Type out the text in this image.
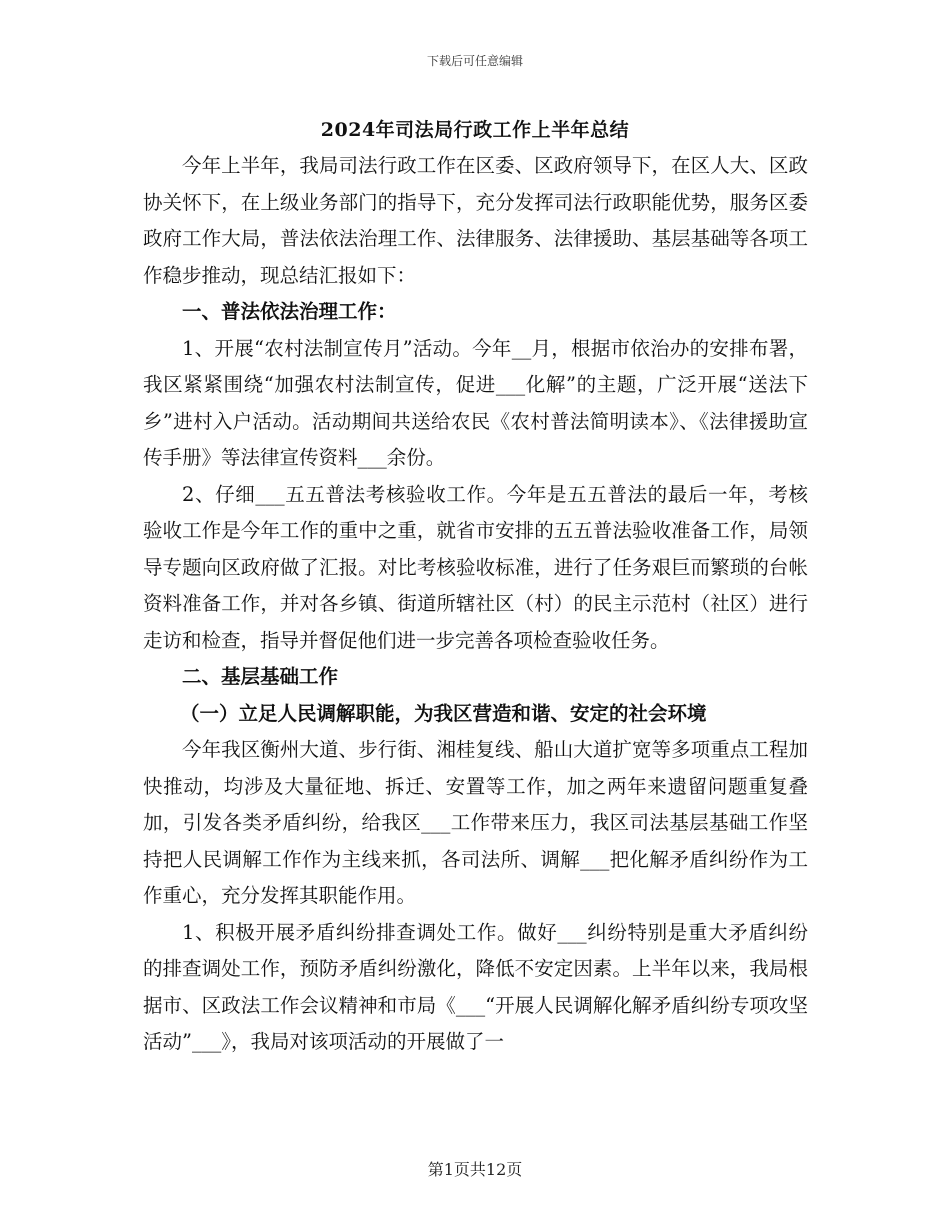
下载后可任意编辑
2024年司法局行政工作上半年总结

今年上半年，我局司法行政工作在区委、区政府领导下，在区人大、区政协关怀下，在上级业务部门的指导下，充分发挥司法行政职能优势，服务区委政府工作大局，普法依法治理工作、法律服务、法律援助、基层基础等各项工作稳步推动，现总结汇报如下：

一、普法依法治理工作：

1、开展“农村法制宣传月”活动。今年__月，根据市依治办的安排布署，我区紧紧围绕“加强农村法制宣传，促进___化解”的主题，广泛开展“送法下乡”进村入户活动。活动期间共送给农民《农村普法简明读本》、《法律援助宣传手册》等法律宣传资料___余份。

2、仔细___五五普法考核验收工作。今年是五五普法的最后一年，考核验收工作是今年工作的重中之重，就省市安排的五五普法验收准备工作，局领导专题向区政府做了汇报。对比考核验收标准，进行了任务艰巨而繁琐的台帐资料准备工作，并对各乡镇、街道所辖社区（村）的民主示范村（社区）进行走访和检查，指导并督促他们进一步完善各项检查验收任务。

二、基层基础工作

（一）立足人民调解职能，为我区营造和谐、安定的社会环境

今年我区衡州大道、步行街、湘桂复线、船山大道扩宽等多项重点工程加快推动，均涉及大量征地、拆迁、安置等工作，加之两年来遗留问题重复叠加，引发各类矛盾纠纷，给我区___工作带来压力，我区司法基层基础工作坚持把人民调解工作作为主线来抓，各司法所、调解___把化解矛盾纠纷作为工作重心，充分发挥其职能作用。

1、积极开展矛盾纠纷排查调处工作。做好___纠纷特别是重大矛盾纠纷的排查调处工作，预防矛盾纠纷激化，降低不安定因素。上半年以来，我局根据市、区政法工作会议精神和市局《___“开展人民调解化解矛盾纠纷专项攻坚活动”___》，我局对该项活动的开展做了一

第1页共12页
